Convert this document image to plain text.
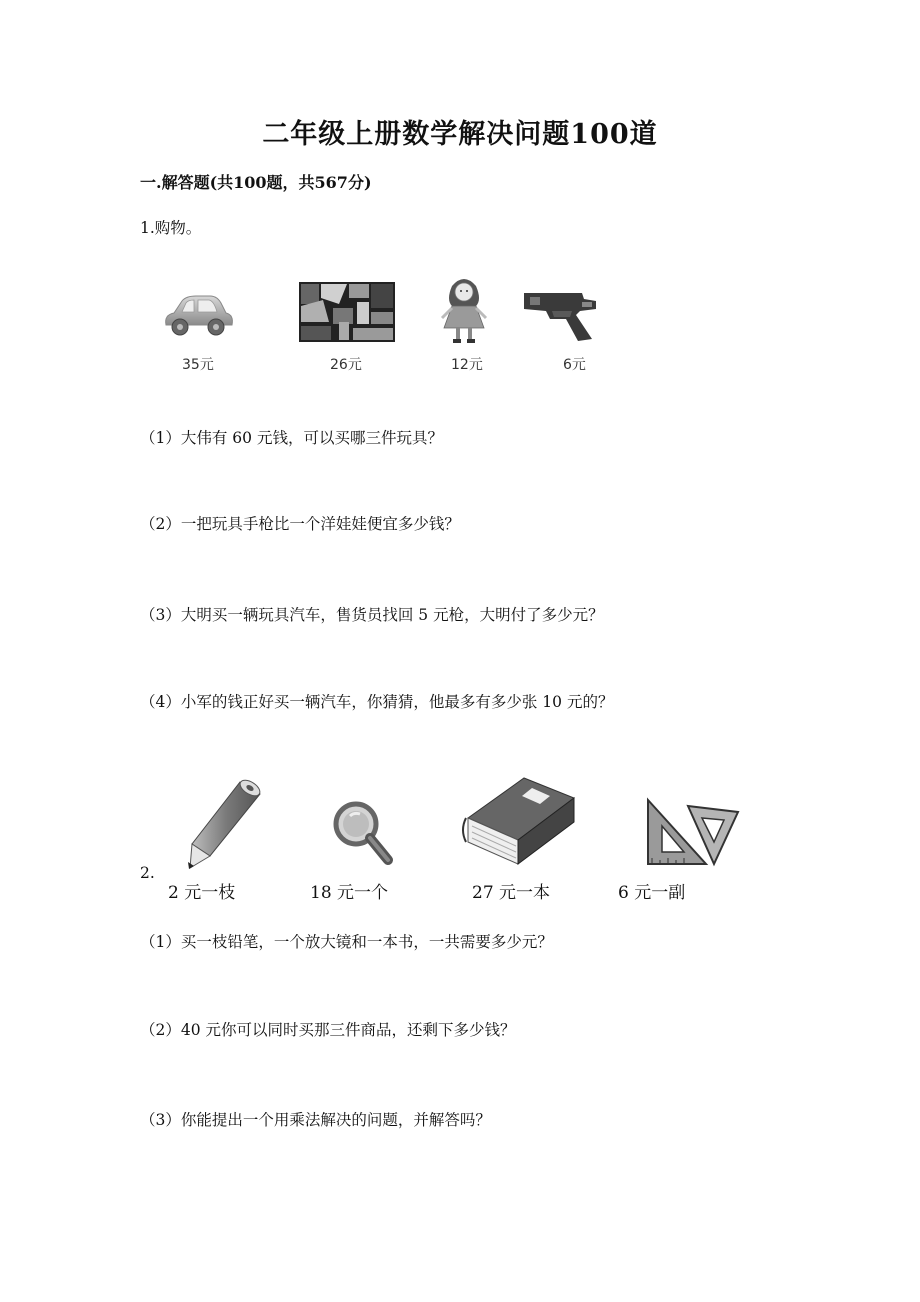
二年级上册数学解决问题100道
一.解答题(共100题，共567分)
1.购物。
35元	26元	12元	6元
（1）大伟有 60 元钱，可以买哪三件玩具？
（2）一把玩具手枪比一个洋娃娃便宜多少钱？
（3）大明买一辆玩具汽车，售货员找回 5 元枪，大明付了多少元？
（4）小军的钱正好买一辆汽车，你猜猜，他最多有多少张 10 元的？
2.
2 元一枝	18 元一个	27 元一本	6 元一副
（1）买一枝铅笔，一个放大镜和一本书，一共需要多少元？
（2）40 元你可以同时买那三件商品，还剩下多少钱？
（3）你能提出一个用乘法解决的问题，并解答吗？
